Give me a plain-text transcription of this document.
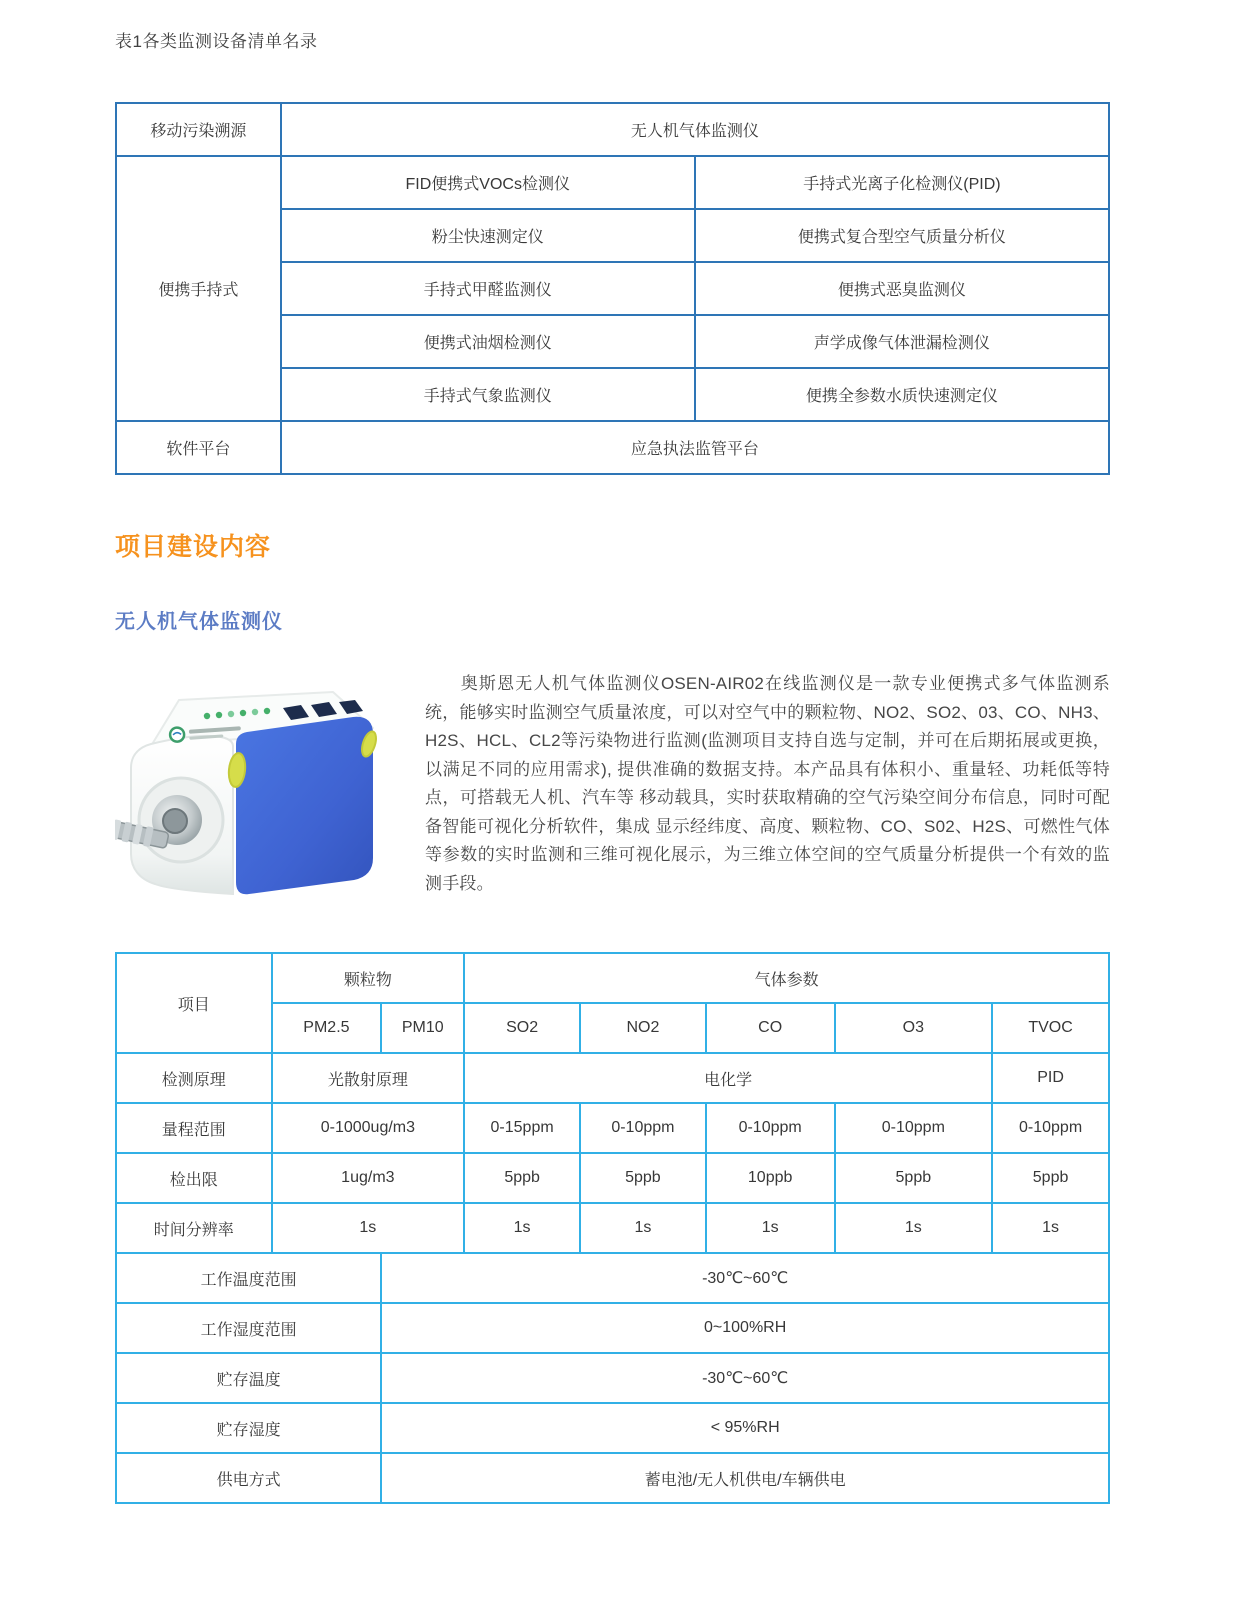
表1各类监测设备清单名录
移动污染溯源	无人机气体监测仪	
便携手持式	FID便携式VOCs检测仪	手持式光离子化检测仪(PID)
	粉尘快速测定仪	便携式复合型空气质量分析仪
	手持式甲醛监测仪	便携式恶臭监测仪
	便携式油烟检测仪	声学成像气体泄漏检测仪
	手持式气象监测仪	便携全参数水质快速测定仪
软件平台	应急执法监管平台	
项目建设内容
无人机气体监测仪

奥斯恩无人机气体监测仪OSEN-AIR02在线监测仪是一款专业便携式多气体监测系统，能够实时监测空气质量浓度，可以对空气中的颗粒物、NO2、SO2、03、CO、NH3、H2S、HCL、CL2等污染物进行监测(监测项目支持自选与定制，并可在后期拓展或更换，以满足不同的应用需求), 提供准确的数据支持。本产品具有体积小、重量轻、功耗低等特点，可搭载无人机、汽车等 移动载具，实时获取精确的空气污染空间分布信息，同时可配备智能可视化分析软件，集成 显示经纬度、高度、颗粒物、CO、S02、H2S、可燃性气体等参数的实时监测和三维可视化展示，为三维立体空间的空气质量分析提供一个有效的监测手段。

项目	颗粒物		气体参数				
	PM2.5	PM10	SO2	NO2	CO	O3	TVOC
检测原理	光散射原理		电化学				PID
量程范围	0-1000ug/m3		0-15ppm	0-10ppm	0-10ppm	0-10ppm	0-10ppm
检出限	1ug/m3		5ppb	5ppb	10ppb	5ppb	5ppb
时间分辨率	1s		1s	1s	1s	1s	1s
工作温度范围		-30℃~60℃					
工作湿度范围		0~100%RH					
贮存温度		-30℃~60℃					
贮存湿度		< 95%RH					
供电方式		蓄电池/无人机供电/车辆供电					
